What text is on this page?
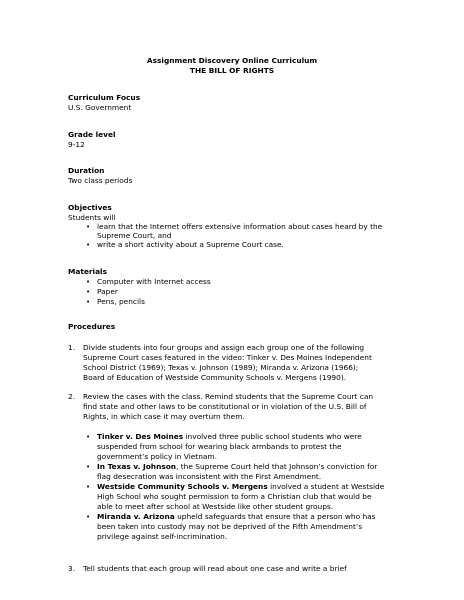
Assignment Discovery Online Curriculum
THE BILL OF RIGHTS
Curriculum Focus
U.S. Government
Grade level
9-12
Duration
Two class periods
Objectives
Students will
• learn that the Internet offers extensive information about cases heard by the
Supreme Court, and
• write a short activity about a Supreme Court case.
Materials
• Computer with Internet access
• Paper
• Pens, pencils
Procedures
1. Divide students into four groups and assign each group one of the following
Supreme Court cases featured in the video: Tinker v. Des Moines Independent
School District (1969); Texas v. Johnson (1989); Miranda v. Arizona (1966);
Board of Education of Westside Community Schools v. Mergens (1990).
2. Review the cases with the class. Remind students that the Supreme Court can
find state and other laws to be constitutional or in violation of the U.S. Bill of
Rights, in which case it may overturn them.
• Tinker v. Des Moines involved three public school students who were
suspended from school for wearing black armbands to protest the
government’s policy in Vietnam.
• In Texas v. Johnson, the Supreme Court held that Johnson’s conviction for
flag desecration was inconsistent with the First Amendment.
• Westside Community Schools v. Mergens involved a student at Westside
High School who sought permission to form a Christian club that would be
able to meet after school at Westside like other student groups.
• Miranda v. Arizona upheld safeguards that ensure that a person who has
been taken into custody may not be deprived of the Fifth Amendment’s
privilege against self-incrimination.
3. Tell students that each group will read about one case and write a brief
